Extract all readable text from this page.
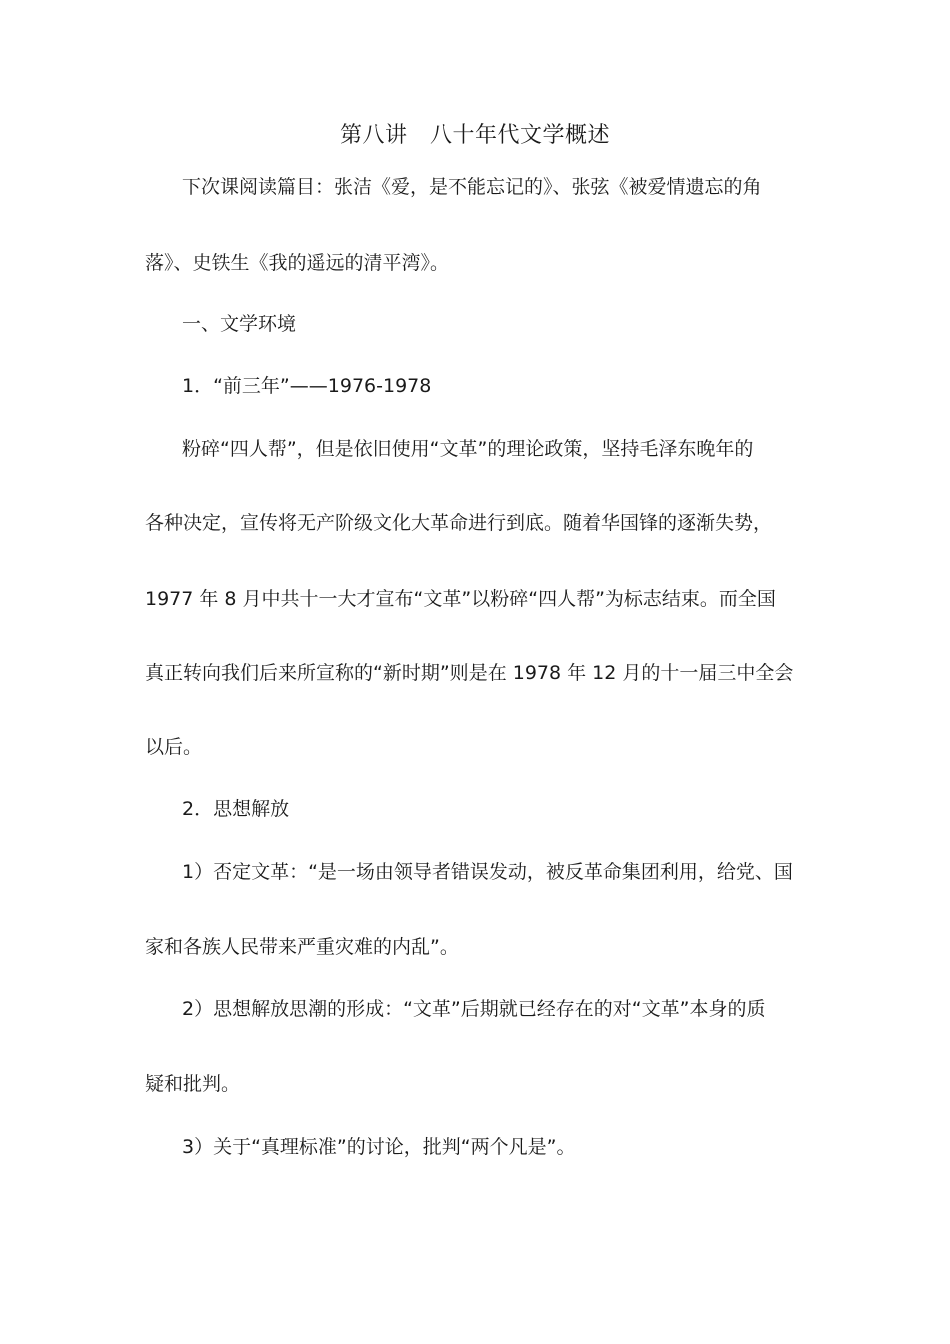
第八讲   八十年代文学概述
下次课阅读篇目：张洁《爱，是不能忘记的》、张弦《被爱情遗忘的角
落》、史铁生《我的遥远的清平湾》。
一、文学环境
1．“前三年”——1976-1978
粉碎“四人帮”，但是依旧使用“文革”的理论政策，坚持毛泽东晚年的
各种决定，宣传将无产阶级文化大革命进行到底。随着华国锋的逐渐失势，
1977 年 8 月中共十一大才宣布“文革”以粉碎“四人帮”为标志结束。而全国
真正转向我们后来所宣称的“新时期”则是在 1978 年 12 月的十一届三中全会
以后。
2．思想解放
1）否定文革：“是一场由领导者错误发动，被反革命集团利用，给党、国
家和各族人民带来严重灾难的内乱”。
2）思想解放思潮的形成：“文革”后期就已经存在的对“文革”本身的质
疑和批判。
3）关于“真理标准”的讨论，批判“两个凡是”。
